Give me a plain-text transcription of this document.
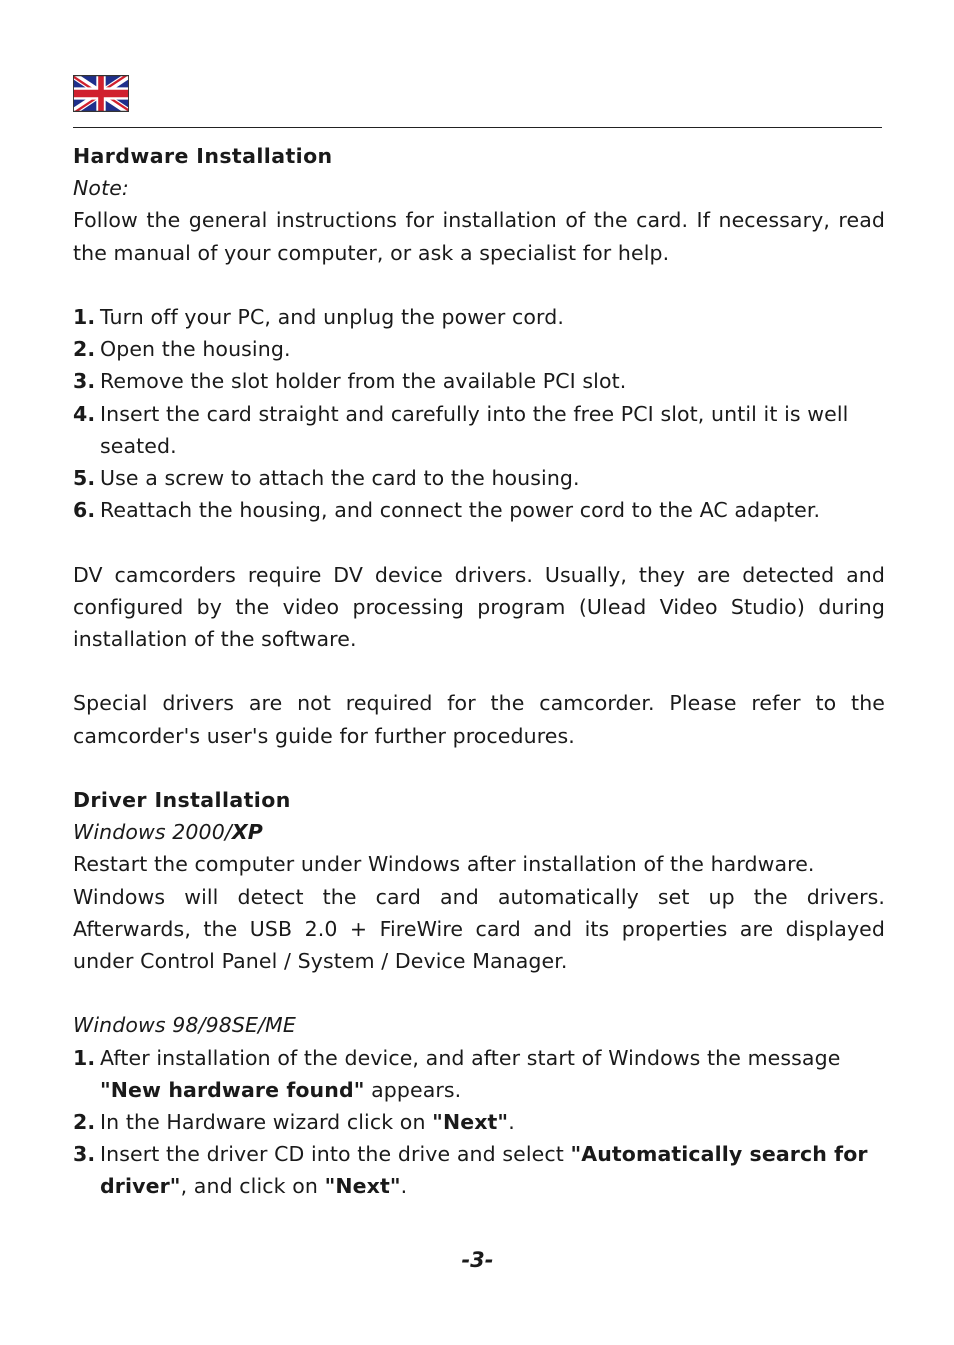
Hardware Installation

Note:

Follow the general instructions for installation of the card. If necessary, read the manual of your computer, or ask a specialist for help.

1. Turn off your PC, and unplug the power cord.
2. Open the housing.
3. Remove the slot holder from the available PCI slot.
4. Insert the card straight and carefully into the free PCI slot, until it is well seated.
5. Use a screw to attach the card to the housing.
6. Reattach the housing, and connect the power cord to the AC adapter.

DV camcorders require DV device drivers. Usually, they are detected and configured by the video processing program (Ulead Video Studio) during installation of the software.

Special drivers are not required for the camcorder. Please refer to the camcorder's user's guide for further procedures.

Driver Installation

Windows 2000/XP

Restart the computer under Windows after installation of the hardware.

Windows will detect the card and automatically set up the drivers. Afterwards, the USB 2.0 + FireWire card and its properties are displayed under Control Panel / System / Device Manager.

Windows 98/98SE/ME

1. After installation of the device, and after start of Windows the message "New hardware found" appears.
2. In the Hardware wizard click on "Next".
3. Insert the driver CD into the drive and select "Automatically search for driver", and click on "Next".
-3-
